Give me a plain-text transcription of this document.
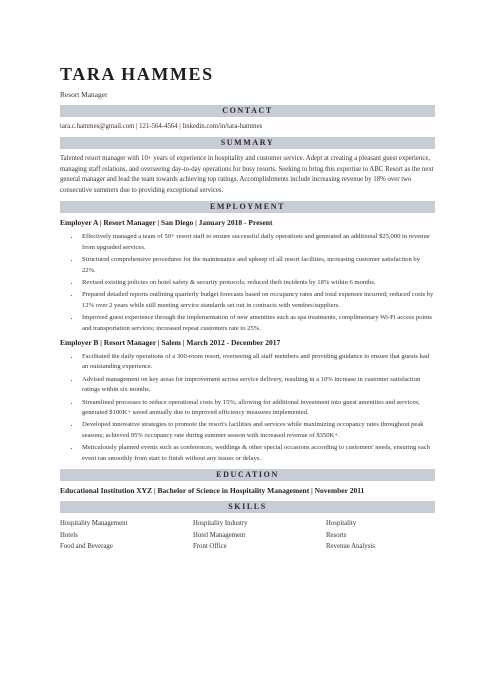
TARA HAMMES
Resort Manager
CONTACT
tara.c.hammes@gmail.com | 121-564-4564 | linkedin.com/in/tara-hammes
SUMMARY

Talented resort manager with 10+ years of experience in hospitality and customer service. Adept at creating a pleasant guest experience, managing staff relations, and overseeing day-to-day operations for busy resorts. Seeking to bring this expertise to ABC Resort as the next general manager and lead the team towards achieving top ratings. Accomplishments include increasing revenue by 18% over two consecutive summers due to providing exceptional services.

EMPLOYMENT
Employer A | Resort Manager | San Diego | January 2018 - Present
• Effectively managed a team of 50+ resort staff to ensure successful daily operations and generated an additional $25,000 in revenue from upgraded services.
• Structured comprehensive procedures for the maintenance and upkeep of all resort facilities, increasing customer satisfaction by 22%.
• Revised existing policies on hotel safety & security protocols; reduced theft incidents by 18% within 6 months.
• Prepared detailed reports outlining quarterly budget forecasts based on occupancy rates and total expenses incurred; reduced costs by 12% over 2 years while still meeting service standards set out in contracts with vendors/suppliers.
• Improved guest experience through the implementation of new amenities such as spa treatments, complimentary Wi-Fi access points and transportation services; increased repeat customers rate to 25%.
Employer B | Resort Manager | Salem | March 2012 - December 2017
• Facilitated the daily operations of a 300-room resort, overseeing all staff members and providing guidance to ensure that guests had an outstanding experience.
• Advised management on key areas for improvement across service delivery, resulting in a 10% increase in customer satisfaction ratings within six months.
• Streamlined processes to reduce operational costs by 15%; allowing for additional investment into guest amenities and services; generated $100K+ saved annually due to improved efficiency measures implemented.
• Developed innovative strategies to promote the resort's facilities and services while maximizing occupancy rates throughout peak seasons; achieved 95% occupancy rate during summer season with increased revenue of $350K+.
• Meticulously planned events such as conferences, weddings & other special occasions according to customers' needs, ensuring each event ran smoothly from start to finish without any issues or delays.
EDUCATION
Educational Institution XYZ | Bachelor of Science in Hospitality Management | November 2011
SKILLS
Hospitality Management	Hospitality Industry	Hospitality
Hotels	Hotel Management	Resorts
Food and Beverage	Front Office	Revenue Analysis
